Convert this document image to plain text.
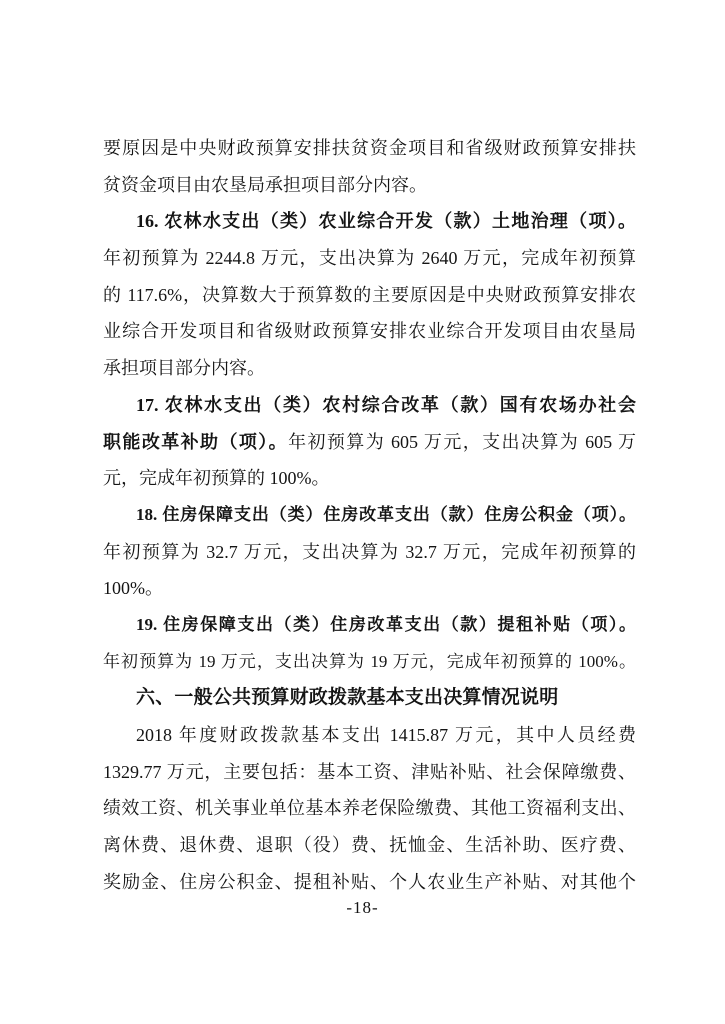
要原因是中央财政预算安排扶贫资金项目和省级财政预算安排扶
贫资金项目由农垦局承担项目部分内容。
16. 农林水支出（类）农业综合开发（款）土地治理（项）。
年初预算为 2244.8 万元，支出决算为 2640 万元，完成年初预算
的 117.6%，决算数大于预算数的主要原因是中央财政预算安排农
业综合开发项目和省级财政预算安排农业综合开发项目由农垦局
承担项目部分内容。
17. 农林水支出（类）农村综合改革（款）国有农场办社会
职能改革补助（项）。年初预算为 605 万元，支出决算为 605 万
元，完成年初预算的 100%。
18. 住房保障支出（类）住房改革支出（款）住房公积金（项）。
年初预算为 32.7 万元，支出决算为 32.7 万元，完成年初预算的
100%。
19. 住房保障支出（类）住房改革支出（款）提租补贴（项）。
年初预算为 19 万元，支出决算为 19 万元，完成年初预算的 100%。
六、一般公共预算财政拨款基本支出决算情况说明
2018 年度财政拨款基本支出 1415.87 万元，其中人员经费
1329.77 万元，主要包括：基本工资、津贴补贴、社会保障缴费、
绩效工资、机关事业单位基本养老保险缴费、其他工资福利支出、
离休费、退休费、退职（役）费、抚恤金、生活补助、医疗费、
奖励金、住房公积金、提租补贴、个人农业生产补贴、对其他个
-18-
